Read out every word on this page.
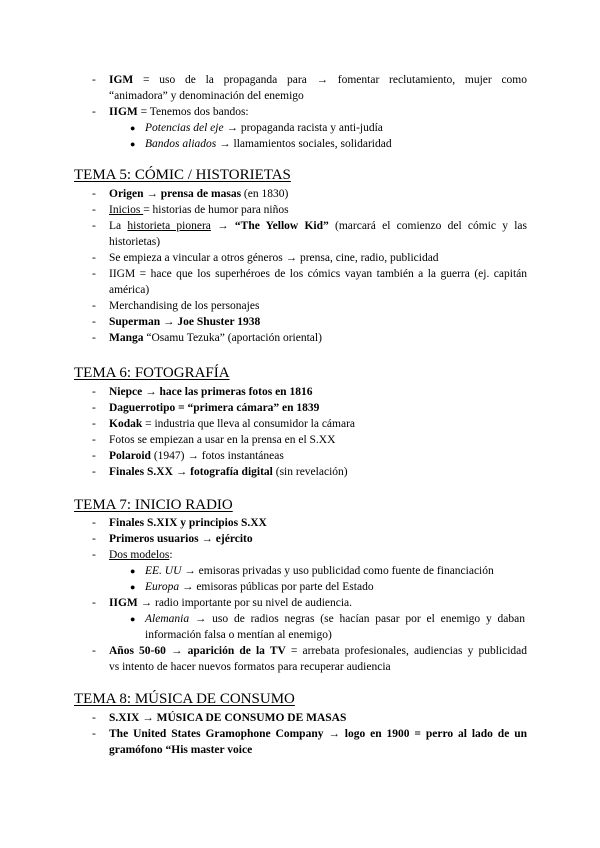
- IGM = uso de la propaganda para → fomentar reclutamiento, mujer como
“animadora” y denominación del enemigo
- IIGM = Tenemos dos bandos:
● Potencias del eje → propaganda racista y anti-judía
● Bandos aliados → llamamientos sociales, solidaridad
TEMA 5: CÓMIC / HISTORIETAS
- Origen → prensa de masas (en 1830)
- Inicios = historias de humor para niños
- La historieta pionera → “The Yellow Kid” (marcará el comienzo del cómic y las
historietas)
- Se empieza a vincular a otros géneros → prensa, cine, radio, publicidad
- IIGM = hace que los superhéroes de los cómics vayan también a la guerra (ej. capitán
américa)
- Merchandising de los personajes
- Superman → Joe Shuster 1938
- Manga “Osamu Tezuka” (aportación oriental)
TEMA 6: FOTOGRAFÍA
- Niepce → hace las primeras fotos en 1816
- Daguerrotipo = “primera cámara” en 1839
- Kodak = industria que lleva al consumidor la cámara
- Fotos se empiezan a usar en la prensa en el S.XX
- Polaroid (1947) → fotos instantáneas
- Finales S.XX → fotografía digital (sin revelación)
TEMA 7: INICIO RADIO
- Finales S.XIX y principios S.XX
- Primeros usuarios → ejército
- Dos modelos:
● EE. UU → emisoras privadas y uso publicidad como fuente de financiación
● Europa → emisoras públicas por parte del Estado
- IIGM → radio importante por su nivel de audiencia.
● Alemania → uso de radios negras (se hacían pasar por el enemigo y daban
información falsa o mentían al enemigo)
- Años 50-60 → aparición de la TV = arrebata profesionales, audiencias y publicidad
vs intento de hacer nuevos formatos para recuperar audiencia
TEMA 8: MÚSICA DE CONSUMO
- S.XIX → MÚSICA DE CONSUMO DE MASAS
- The United States Gramophone Company → logo en 1900 = perro al lado de un
gramófono “His master voice
